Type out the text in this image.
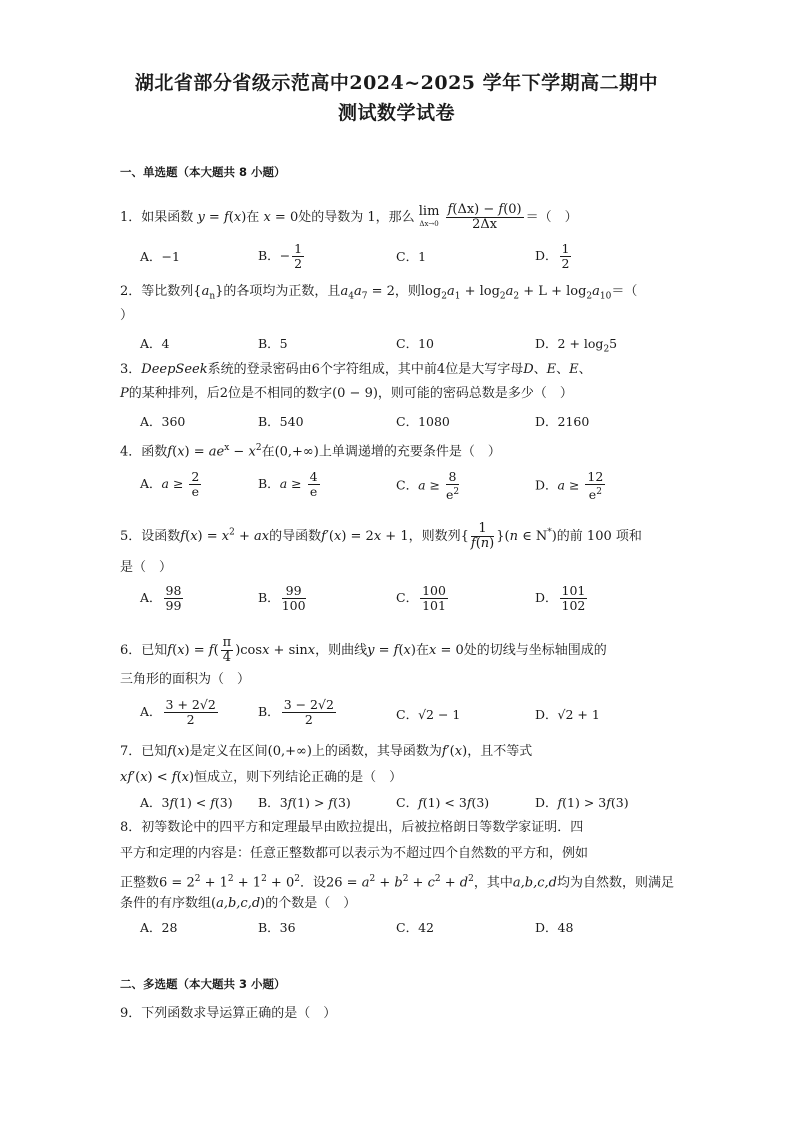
湖北省部分省级示范高中2024~2025 学年下学期高二期中
测试数学试卷
一、单选题（本大题共 8 小题）
1．如果函数 y = f(x)在 x = 0处的导数为 1，那么 lim
$\Delta x\to 0 \frac{f(\Delta x) - f(0)}{2\Delta x}$ ＝（　）
A．−1	B．− $\frac{1}{2}$	C．1	D． $\frac{1}{2}$
2．等比数列$\{a_n\}$的各项均为正数，且$a_4a_7 = 2$，则$\log_2a_1 + \log_2a_2 + L + \log_2a_{10}=$（
）
A．4	B．5	C．10	D．$2 + \log_25$
3．DeepSeek系统的登录密码由6个字符组成，其中前4位是大写字母D、E、E、
P的某种排列，后2位是不相同的数字(0 − 9)，则可能的密码总数是多少（　）
A．360	B．540	C．1080	D．2160
4．函数$f(x) = ae^x - x^2$在(0,+∞)上单调递增的充要条件是（　）
A．$a \ge \frac{2}{e}$	B．$a \ge \frac{4}{e}$	C．$a \ge \frac{8}{e^2}$	D．$a \ge \frac{12}{e^2}$
5．设函数$f(x) = x^2$ + ax的导函数f′(x) = 2x + 1，则数列{ $\frac{1}{f(n)} \}(n$ ∈ N*)的前 100 项和
是（　）
A． $\frac{98}{99}$	B． $\frac{99}{100}$	C． $\frac{100}{101}$	D． $\frac{101}{102}$
6．已知$f(x) = f( \frac{\pi}{4} )\cos x + \sin x$，则曲线y = f(x)在x = 0处的切线与坐标轴围成的
三角形的面积为（　）
A． $\frac{3 + 2√2}{2}$	B． $\frac{3 - 2√2}{2}$	C．√2 − 1	D．√2 + 1
7．已知f(x)是定义在区间(0,+∞)上的函数，其导函数为f′(x)，且不等式
xf′(x) < f(x)恒成立，则下列结论正确的是（　）
A．3f(1) < f(3) B．3f(1) > f(3)	C．f(1) < 3f(3)	D．f(1) > 3f(3)
8．初等数论中的四平方和定理最早由欧拉提出，后被拉格朗日等数学家证明．四
平方和定理的内容是：任意正整数都可以表示为不超过四个自然数的平方和，例如
正整数$6 = 2^2 + 1^2 + 1^2 + 0^2$．设$26 = a^2 + b^2 + c^2 + d^2$，其中a,b,c,d均为自然数，则满足
条件的有序数组(a,b,c,d)的个数是（　）
A．28	B．36	C．42	D．48
二、多选题（本大题共 3 小题）
9．下列函数求导运算正确的是（　）
